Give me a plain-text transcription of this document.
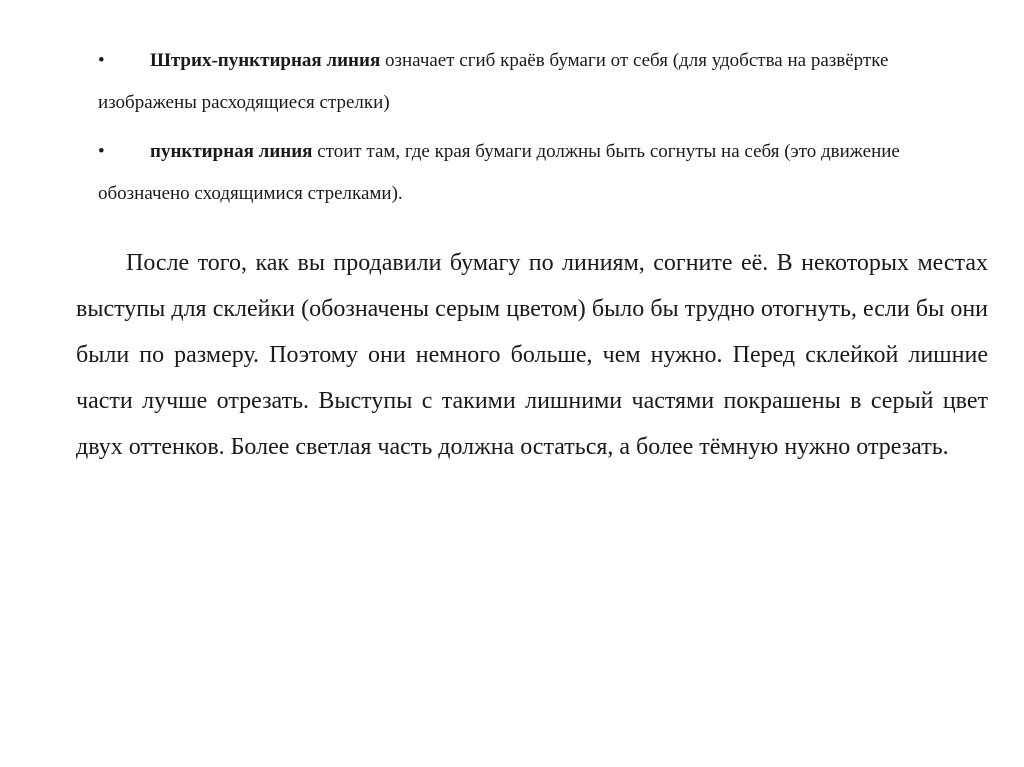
• Штрих-пунктирная линия означает сгиб краёв бумаги от себя (для удобства на развёртке изображены расходящиеся стрелки)
• пунктирная линия стоит там, где края бумаги должны быть согнуты на себя (это движение обозначено сходящимися стрелками).

После того, как вы продавили бумагу по линиям, согните её. В некоторых местах выступы для склейки (обозначены серым цветом) было бы трудно отогнуть, если бы они были по размеру. Поэтому они немного больше, чем нужно. Перед склейкой лишние части лучше отрезать. Выступы с такими лишними частями покрашены в серый цвет двух оттенков. Более светлая часть должна остаться, а более тёмную нужно отрезать.
